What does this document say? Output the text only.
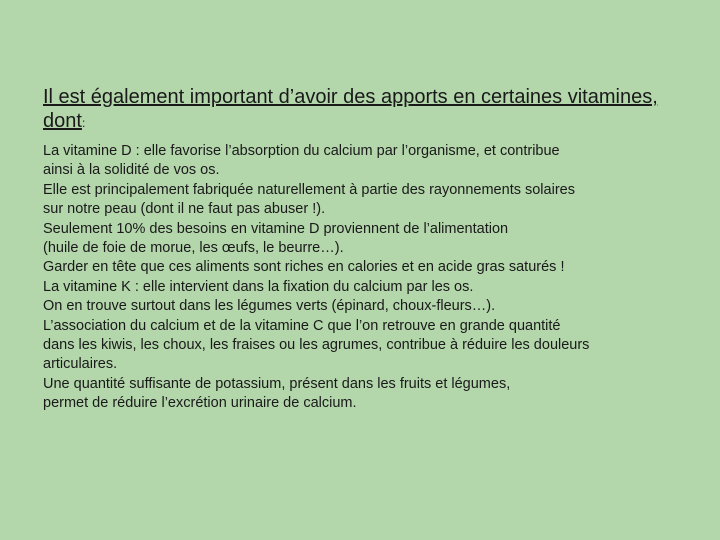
Il est également important d’avoir des apports en certaines vitamines, dont:
La vitamine D : elle favorise l’absorption du calcium par l’organisme, et contribue
ainsi à la solidité de vos os.
Elle est principalement fabriquée naturellement à partie des rayonnements solaires
sur notre peau (dont il ne faut pas abuser !).
Seulement 10% des besoins en vitamine D proviennent de l’alimentation
(huile de foie de morue, les œufs, le beurre…).
Garder en tête que ces aliments sont riches en calories et en acide gras saturés !
La vitamine K : elle intervient dans la fixation du calcium par les os.
On en trouve surtout dans les légumes verts (épinard, choux-fleurs…).
L’association du calcium et de la vitamine C que l’on retrouve en grande quantité
dans les kiwis, les choux, les fraises ou les agrumes, contribue à réduire les douleurs
articulaires.
Une quantité suffisante de potassium, présent dans les fruits et légumes,
permet de réduire l’excrétion urinaire de calcium.
